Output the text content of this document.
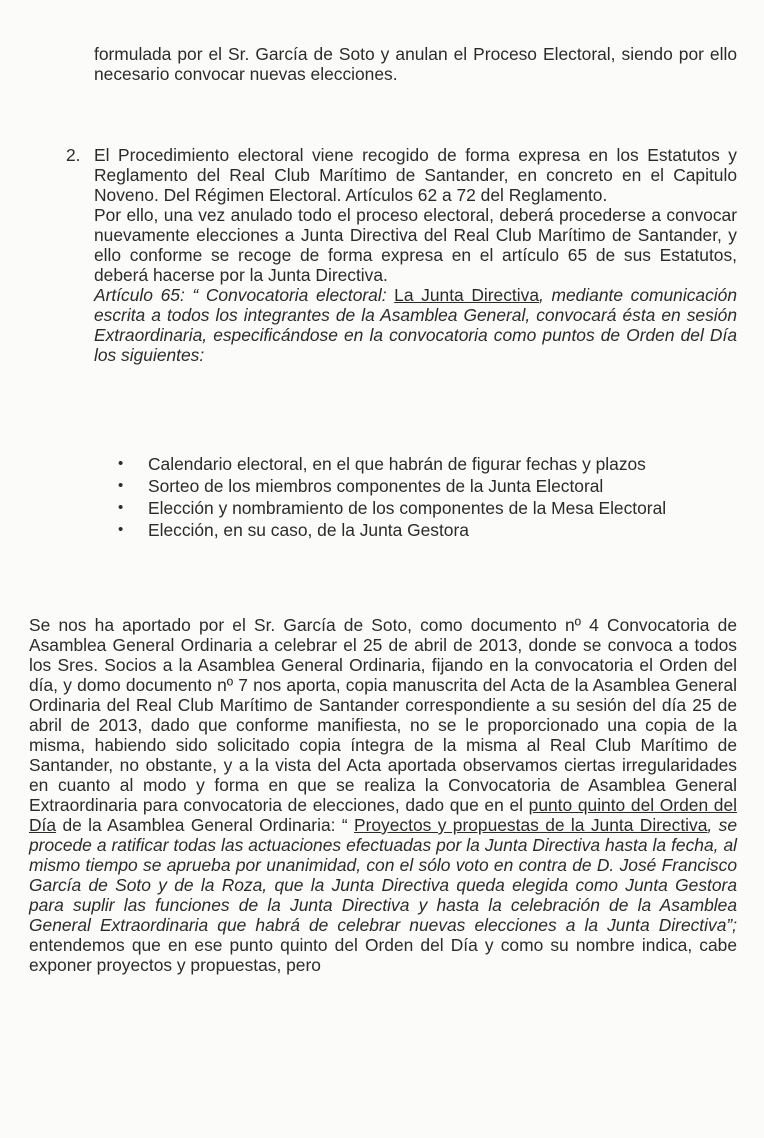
formulada por el Sr. García de Soto y anulan el Proceso Electoral, siendo por ello necesario convocar nuevas elecciones.

2. El Procedimiento electoral viene recogido de forma expresa en los Estatutos y Reglamento del Real Club Marítimo de Santander, en concreto en el Capitulo Noveno. Del Régimen Electoral. Artículos 62 a 72 del Reglamento.

Por ello, una vez anulado todo el proceso electoral, deberá procederse a convocar nuevamente elecciones a Junta Directiva del Real Club Marítimo de Santander, y ello conforme se recoge de forma expresa en el artículo 65 de sus Estatutos, deberá hacerse por la Junta Directiva.

Artículo 65: “ Convocatoria electoral: La Junta Directiva, mediante comunicación escrita a todos los integrantes de la Asamblea General, convocará ésta en sesión Extraordinaria, especificándose en la convocatoria como puntos de Orden del Día los siguientes:

• Calendario electoral, en el que habrán de figurar fechas y plazos
• Sorteo de los miembros componentes de la Junta Electoral
• Elección y nombramiento de los componentes de la Mesa Electoral
• Elección, en su caso, de la Junta Gestora

Se nos ha aportado por el Sr. García de Soto, como documento nº 4 Convocatoria de Asamblea General Ordinaria a celebrar el 25 de abril de 2013, donde se convoca a todos los Sres. Socios a la Asamblea General Ordinaria, fijando en la convocatoria el Orden del día, y domo documento nº 7 nos aporta, copia manuscrita del Acta de la Asamblea General Ordinaria del Real Club Marítimo de Santander correspondiente a su sesión del día 25 de abril de 2013, dado que conforme manifiesta, no se le proporcionado una copia de la misma, habiendo sido solicitado copia íntegra de la misma al Real Club Marítimo de Santander, no obstante, y a la vista del Acta aportada observamos ciertas irregularidades en cuanto al modo y forma en que se realiza la Convocatoria de Asamblea General Extraordinaria para convocatoria de elecciones, dado que en el punto quinto del Orden del Día de la Asamblea General Ordinaria: “ Proyectos y propuestas de la Junta Directiva, se procede a ratificar todas las actuaciones efectuadas por la Junta Directiva hasta la fecha, al mismo tiempo se aprueba por unanimidad, con el sólo voto en contra de D. José Francisco García de Soto y de la Roza, que la Junta Directiva queda elegida como Junta Gestora para suplir las funciones de la Junta Directiva y hasta la celebración de la Asamblea General Extraordinaria que habrá de celebrar nuevas elecciones a la Junta Directiva”; entendemos que en ese punto quinto del Orden del Día y como su nombre indica, cabe exponer proyectos y propuestas, pero
